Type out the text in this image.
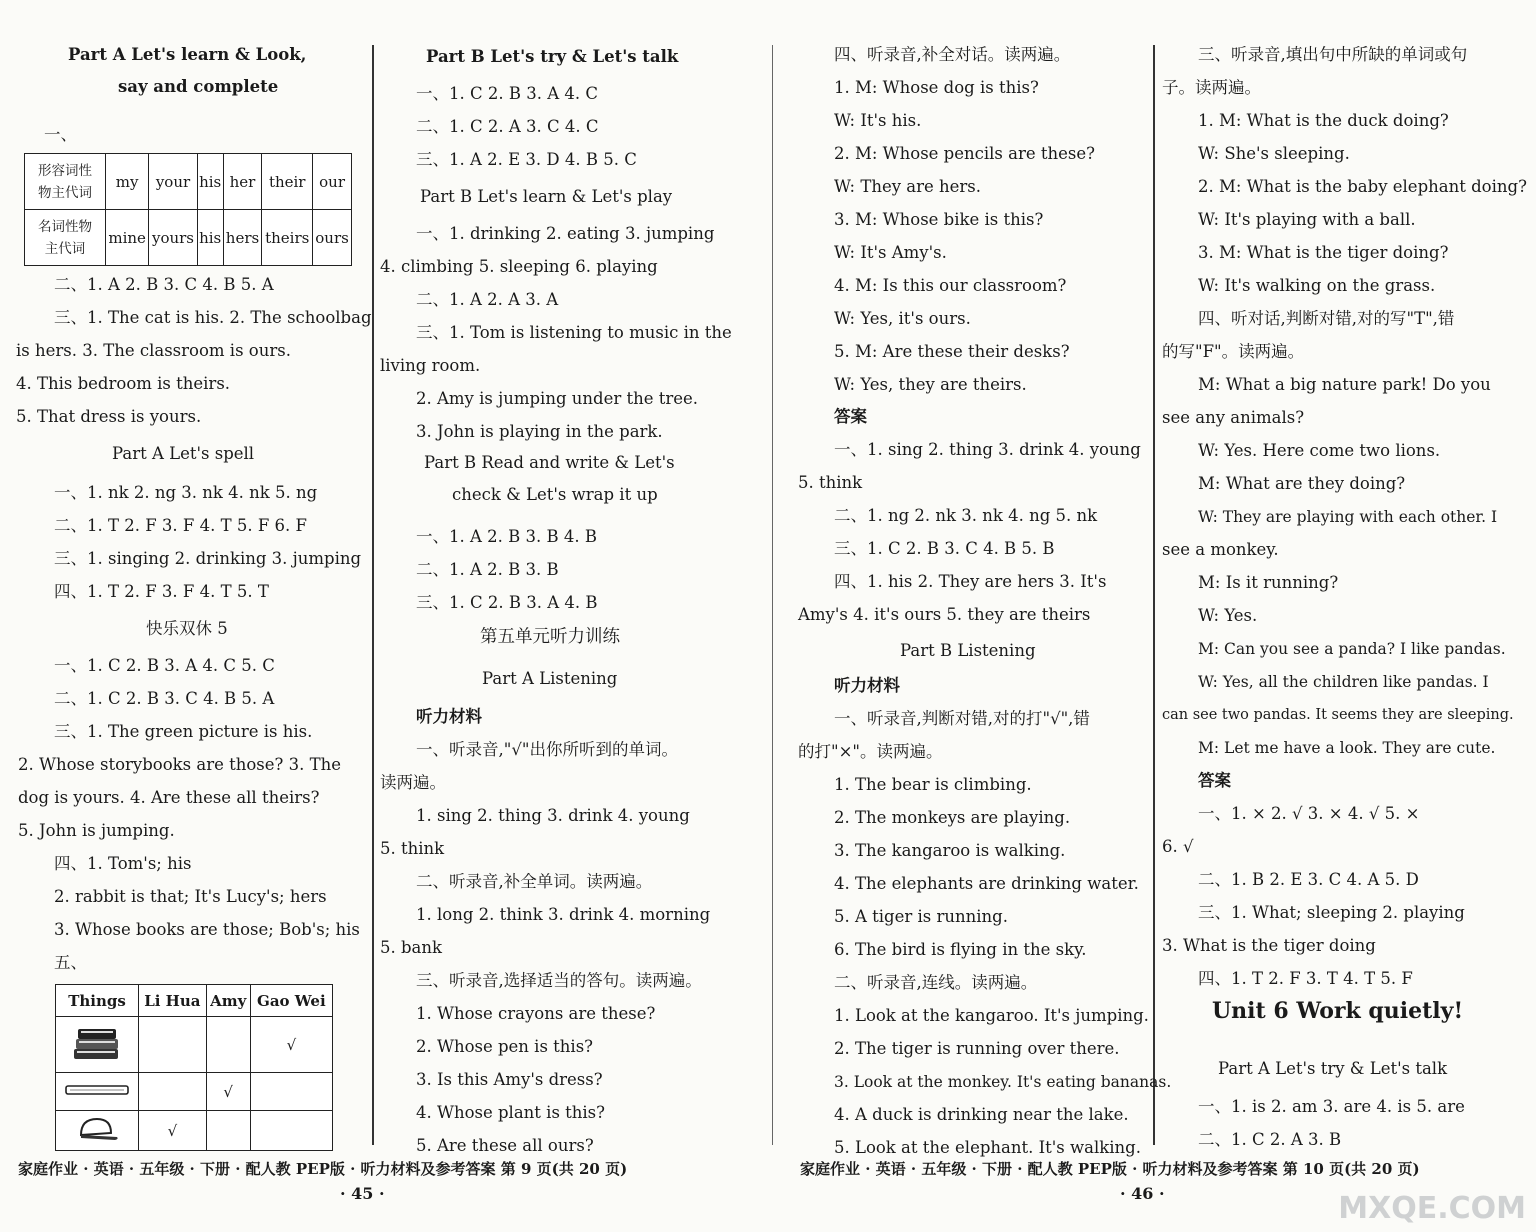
Part A Let's learn & Look,
say and complete
一、
形容词性
物主代词	my	your	his	her	their	our
名词性物
主代词	mine	yours	his	hers	theirs	ours
二、1. A 2. B 3. C 4. B 5. A
三、1. The cat is his. 2. The schoolbag
is hers. 3. The classroom is ours.
4. This bedroom is theirs.
5. That dress is yours.
Part A Let's spell
一、1. nk 2. ng 3. nk 4. nk 5. ng
二、1. T 2. F 3. F 4. T 5. F 6. F
三、1. singing 2. drinking 3. jumping
四、1. T 2. F 3. F 4. T 5. T
快乐双休 5
一、1. C 2. B 3. A 4. C 5. C
二、1. C 2. B 3. C 4. B 5. A
三、1. The green picture is his.
2. Whose storybooks are those? 3. The
dog is yours. 4. Are these all theirs?
5. John is jumping.
四、1. Tom's; his
2. rabbit is that; It's Lucy's; hers
3. Whose books are those; Bob's; his
五、
Things	Li Hua	Amy	Gao Wei
			√
		√	
	√		
Part B Let's try & Let's talk
一、1. C 2. B 3. A 4. C
二、1. C 2. A 3. C 4. C
三、1. A 2. E 3. D 4. B 5. C
Part B Let's learn & Let's play
一、1. drinking 2. eating 3. jumping
4. climbing 5. sleeping 6. playing
二、1. A 2. A 3. A
三、1. Tom is listening to music in the
living room.
2. Amy is jumping under the tree.
3. John is playing in the park.
Part B Read and write & Let's
check & Let's wrap it up
一、1. A 2. B 3. B 4. B
二、1. A 2. B 3. B
三、1. C 2. B 3. A 4. B
第五单元听力训练
Part A Listening
听力材料
一、听录音,"√"出你所听到的单词。
读两遍。
1. sing 2. thing 3. drink 4. young
5. think
二、听录音,补全单词。读两遍。
1. long 2. think 3. drink 4. morning
5. bank
三、听录音,选择适当的答句。读两遍。
1. Whose crayons are these?
2. Whose pen is this?
3. Is this Amy's dress?
4. Whose plant is this?
5. Are these all ours?
四、听录音,补全对话。读两遍。
1. M: Whose dog is this?
W: It's his.
2. M: Whose pencils are these?
W: They are hers.
3. M: Whose bike is this?
W: It's Amy's.
4. M: Is this our classroom?
W: Yes, it's ours.
5. M: Are these their desks?
W: Yes, they are theirs.
答案
一、1. sing 2. thing 3. drink 4. young
5. think
二、1. ng 2. nk 3. nk 4. ng 5. nk
三、1. C 2. B 3. C 4. B 5. B
四、1. his 2. They are hers 3. It's
Amy's 4. it's ours 5. they are theirs
Part B Listening
听力材料
一、听录音,判断对错,对的打"√",错
的打"×"。读两遍。
1. The bear is climbing.
2. The monkeys are playing.
3. The kangaroo is walking.
4. The elephants are drinking water.
5. A tiger is running.
6. The bird is flying in the sky.
二、听录音,连线。读两遍。
1. Look at the kangaroo. It's jumping.
2. The tiger is running over there.
3. Look at the monkey. It's eating bananas.
4. A duck is drinking near the lake.
5. Look at the elephant. It's walking.
三、听录音,填出句中所缺的单词或句
子。读两遍。
1. M: What is the duck doing?
W: She's sleeping.
2. M: What is the baby elephant doing?
W: It's playing with a ball.
3. M: What is the tiger doing?
W: It's walking on the grass.
四、听对话,判断对错,对的写"T",错
的写"F"。读两遍。
M: What a big nature park! Do you
see any animals?
W: Yes. Here come two lions.
M: What are they doing?
W: They are playing with each other. I
see a monkey.
M: Is it running?
W: Yes.
M: Can you see a panda? I like pandas.
W: Yes, all the children like pandas. I
can see two pandas. It seems they are sleeping.
M: Let me have a look. They are cute.
答案
一、1. × 2. √ 3. × 4. √ 5. ×
6. √
二、1. B 2. E 3. C 4. A 5. D
三、1. What; sleeping 2. playing
3. What is the tiger doing
四、1. T 2. F 3. T 4. T 5. F
Unit 6 Work quietly!
Part A Let's try & Let's talk
一、1. is 2. am 3. are 4. is 5. are
二、1. C 2. A 3. B
家庭作业 · 英语 · 五年级 · 下册 · 配人教 PEP版 · 听力材料及参考答案 第 9 页(共 20 页)	家庭作业 · 英语 · 五年级 · 下册 · 配人教 PEP版 · 听力材料及参考答案 第 10 页(共 20 页)
· 45 ·	· 46 ·	MXQE.COM
